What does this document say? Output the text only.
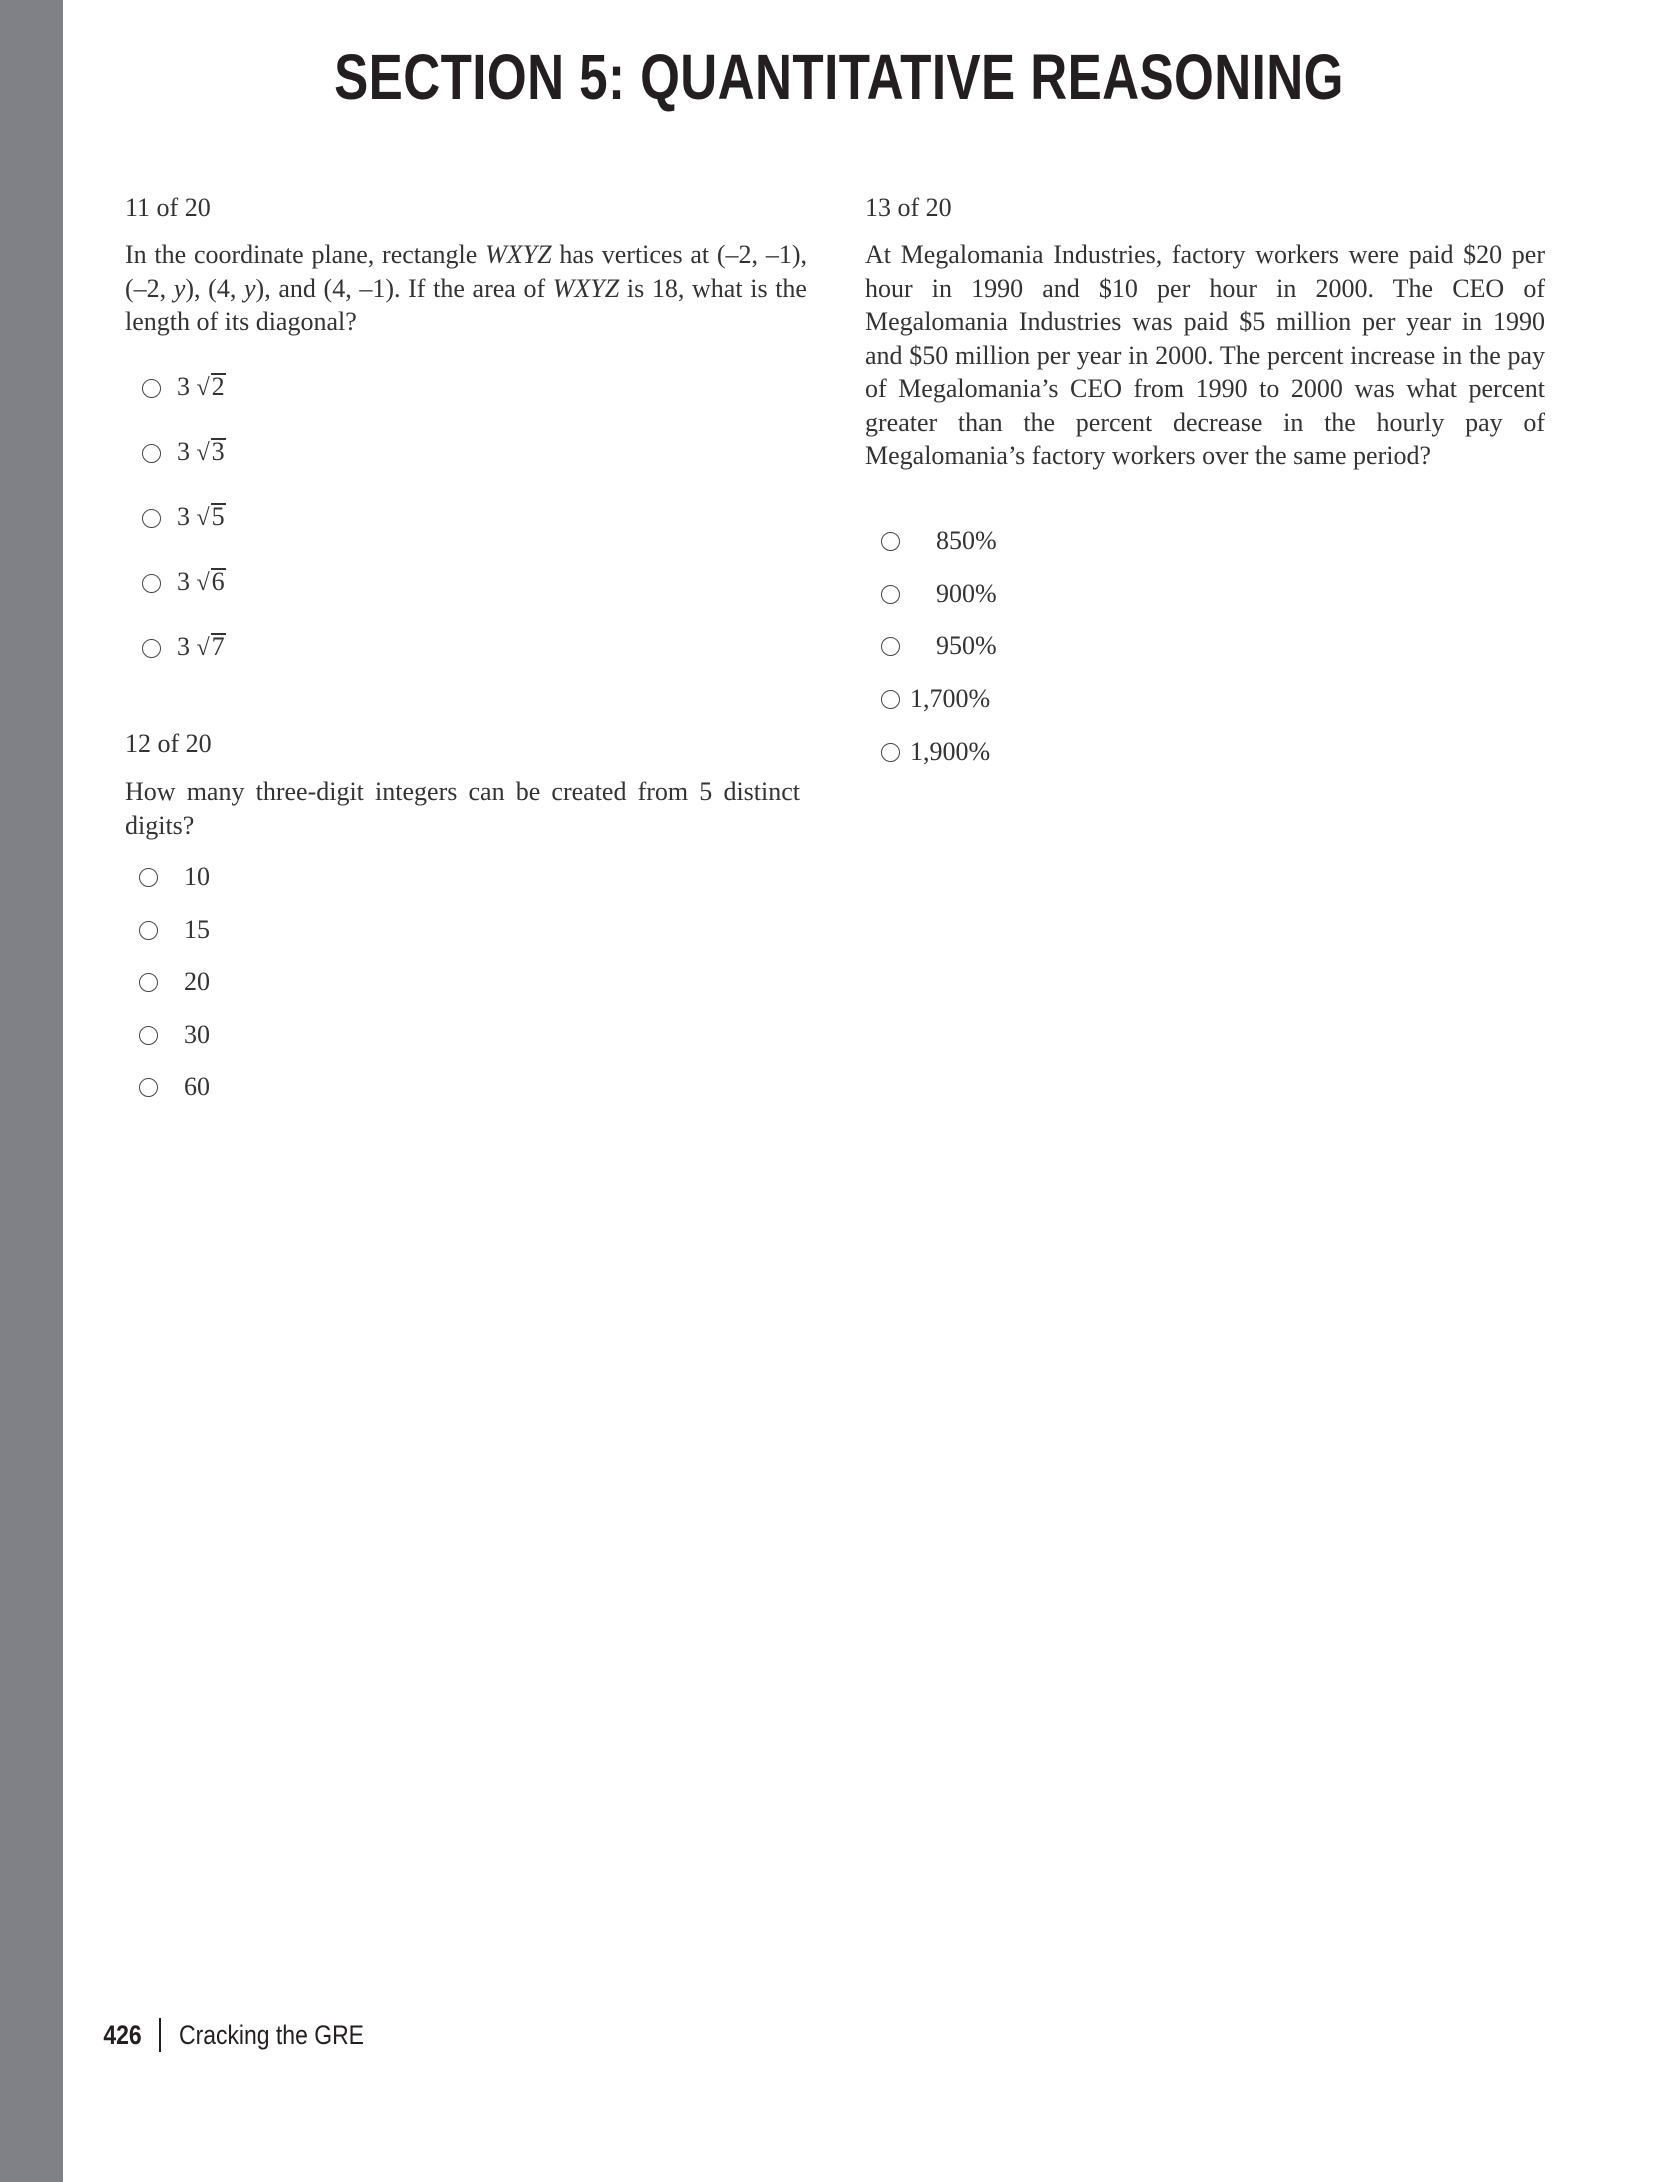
SECTION 5: QUANTITATIVE REASONING
11 of 20
In the coordinate plane, rectangle WXYZ has vertices at (–2, –1), (–2, y), (4, y), and (4, –1). If the area of WXYZ is 18, what is the length of its diagonal?
3 √2
3 √3
3 √5
3 √6
3 √7
12 of 20
How many three-digit integers can be created from 5 distinct digits?
10
15
20
30
60
13 of 20
At Megalomania Industries, factory workers were paid $20 per hour in 1990 and $10 per hour in 2000. The CEO of Megalomania Industries was paid $5 million per year in 1990 and $50 million per year in 2000. The percent increase in the pay of Megalomania’s CEO from 1990 to 2000 was what percent greater than the percent decrease in the hourly pay of Megalomania’s factory workers over the same period?
850%
900%
950%
1,700%
1,900%
426 Cracking the GRE
